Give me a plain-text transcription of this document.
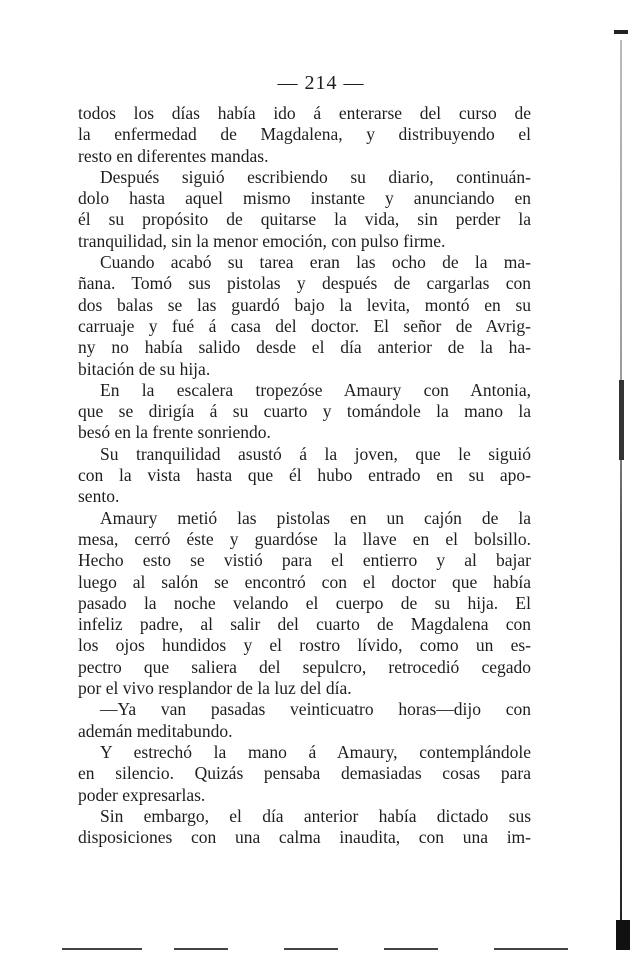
— 214 —
todos los días había ido á enterarse del curso de
la enfermedad de Magdalena, y distribuyendo el
resto en diferentes mandas.
Después siguió escribiendo su diario, continuán-
dolo hasta aquel mismo instante y anunciando en
él su propósito de quitarse la vida, sin perder la
tranquilidad, sin la menor emoción, con pulso firme.
Cuando acabó su tarea eran las ocho de la ma-
ñana. Tomó sus pistolas y después de cargarlas con
dos balas se las guardó bajo la levita, montó en su
carruaje y fué á casa del doctor. El señor de Avrig-
ny no había salido desde el día anterior de la ha-
bitación de su hija.
En la escalera tropezóse Amaury con Antonia,
que se dirigía á su cuarto y tomándole la mano la
besó en la frente sonriendo.
Su tranquilidad asustó á la joven, que le siguió
con la vista hasta que él hubo entrado en su apo-
sento.
Amaury metió las pistolas en un cajón de la
mesa, cerró éste y guardóse la llave en el bolsillo.
Hecho esto se vistió para el entierro y al bajar
luego al salón se encontró con el doctor que había
pasado la noche velando el cuerpo de su hija. El
infeliz padre, al salir del cuarto de Magdalena con
los ojos hundidos y el rostro lívido, como un es-
pectro que saliera del sepulcro, retrocedió cegado
por el vivo resplandor de la luz del día.
—Ya van pasadas veinticuatro horas—dijo con
ademán meditabundo.
Y estrechó la mano á Amaury, contemplándole
en silencio. Quizás pensaba demasiadas cosas para
poder expresarlas.
Sin embargo, el día anterior había dictado sus
disposiciones con una calma inaudita, con una im-
